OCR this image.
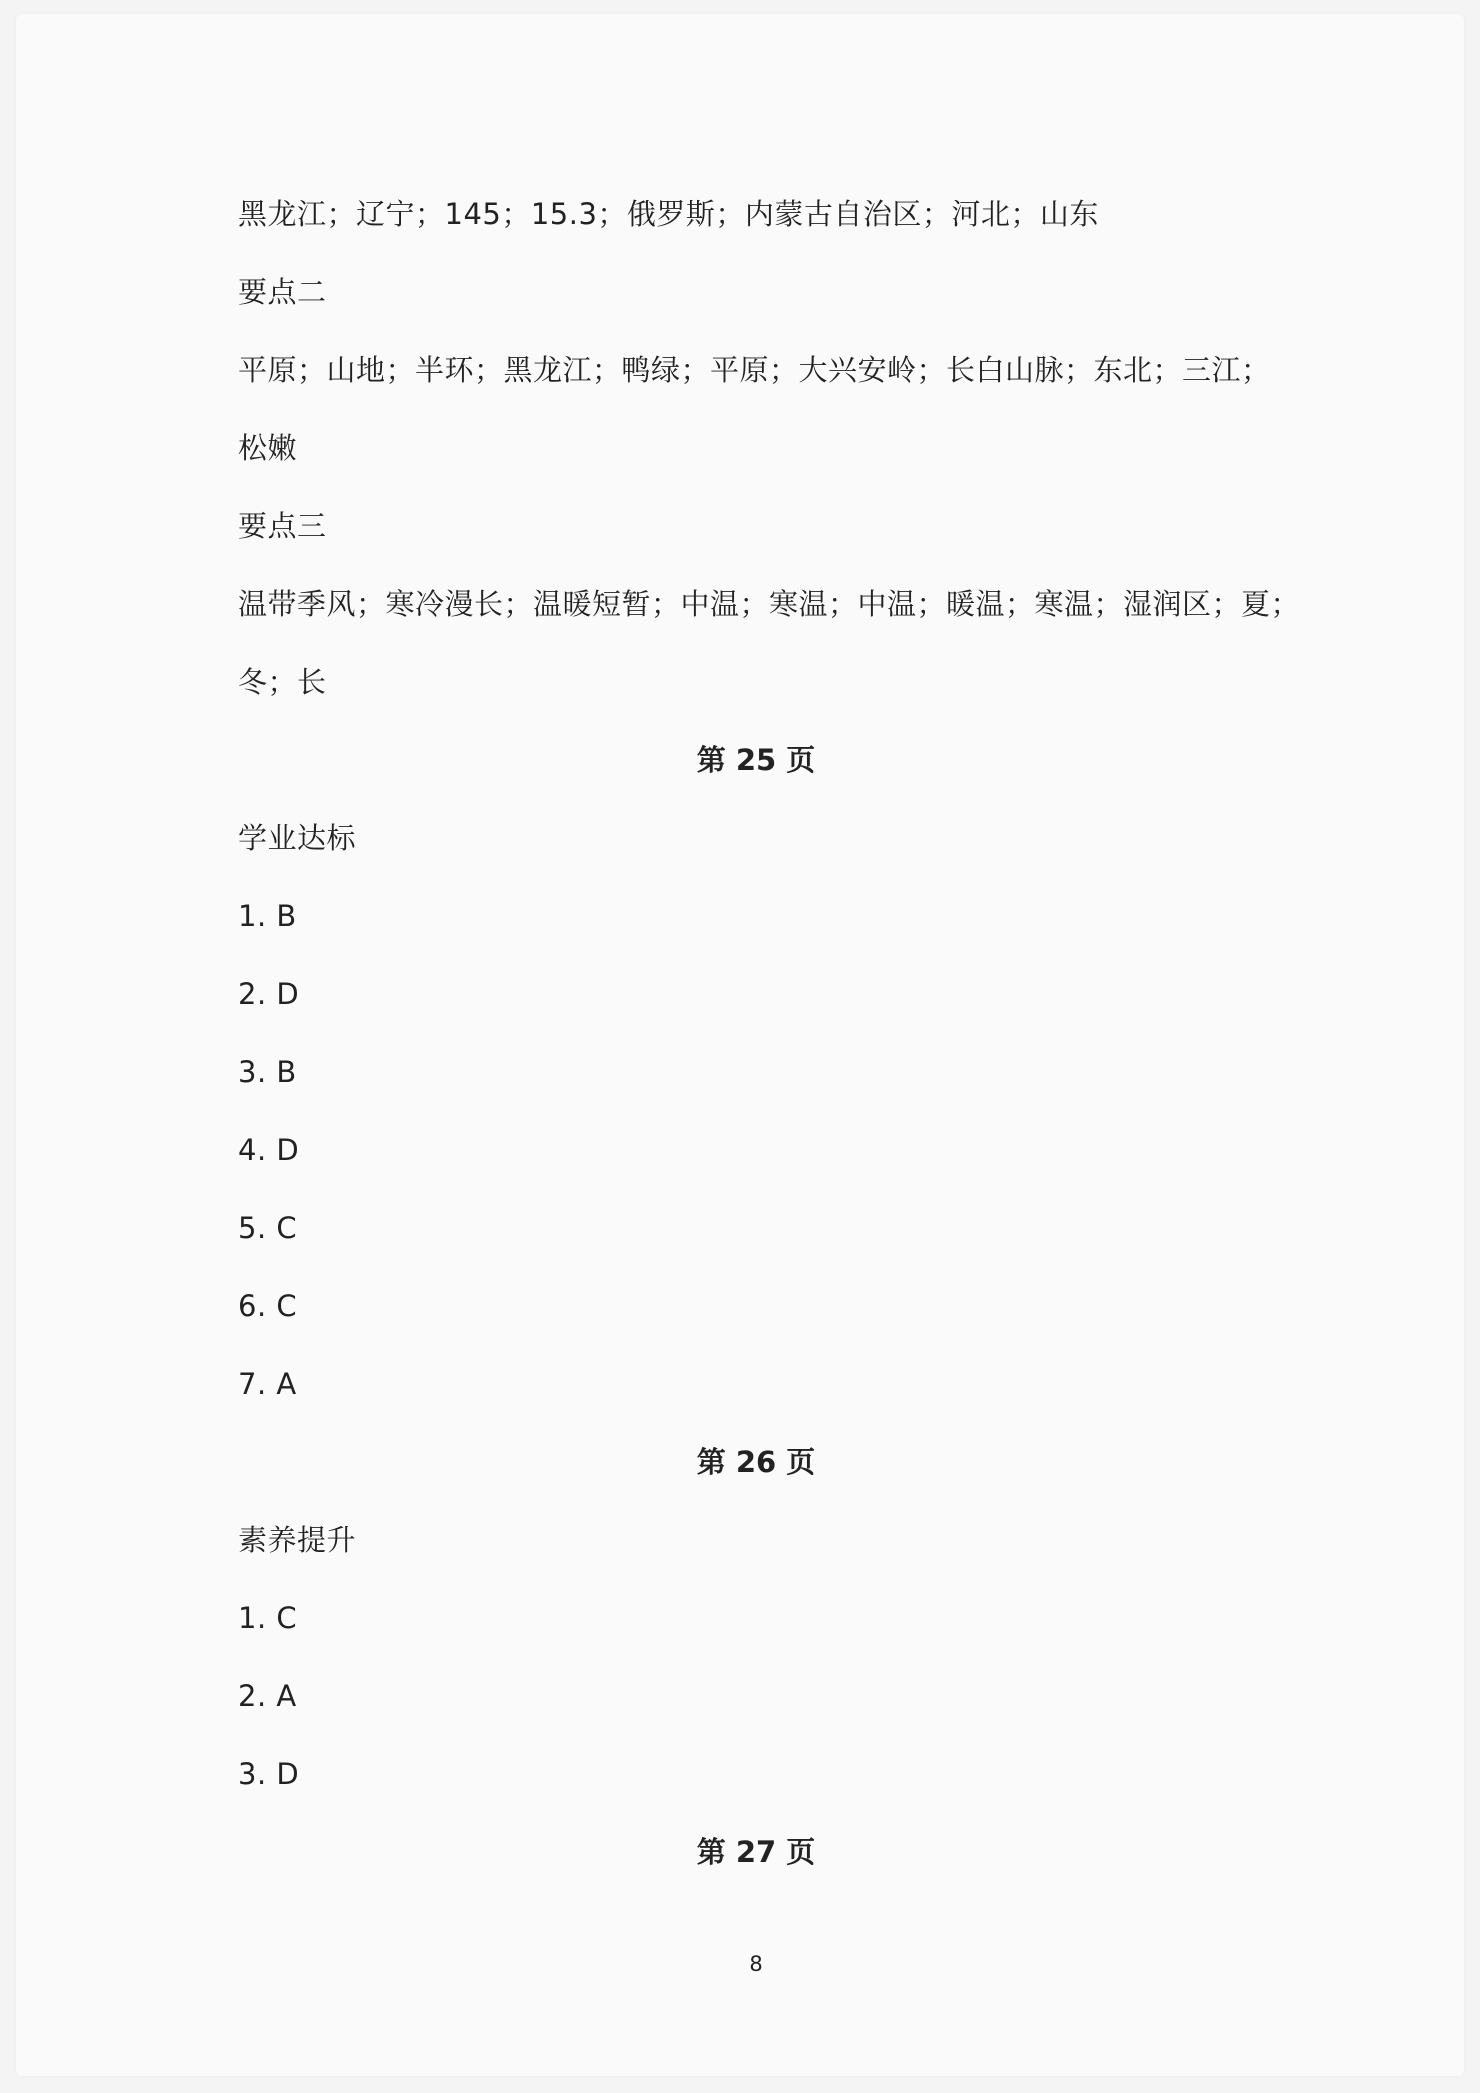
黑龙江；辽宁；145；15.3；俄罗斯；内蒙古自治区；河北；山东
要点二
平原；山地；半环；黑龙江；鸭绿；平原；大兴安岭；长白山脉；东北；三江；
松嫩
要点三
温带季风；寒冷漫长；温暖短暂；中温；寒温；中温；暖温；寒温；湿润区；夏；
冬；长
第 25 页
学业达标
1. B
2. D
3. B
4. D
5. C
6. C
7. A
第 26 页
素养提升
1. C
2. A
3. D
第 27 页
8
